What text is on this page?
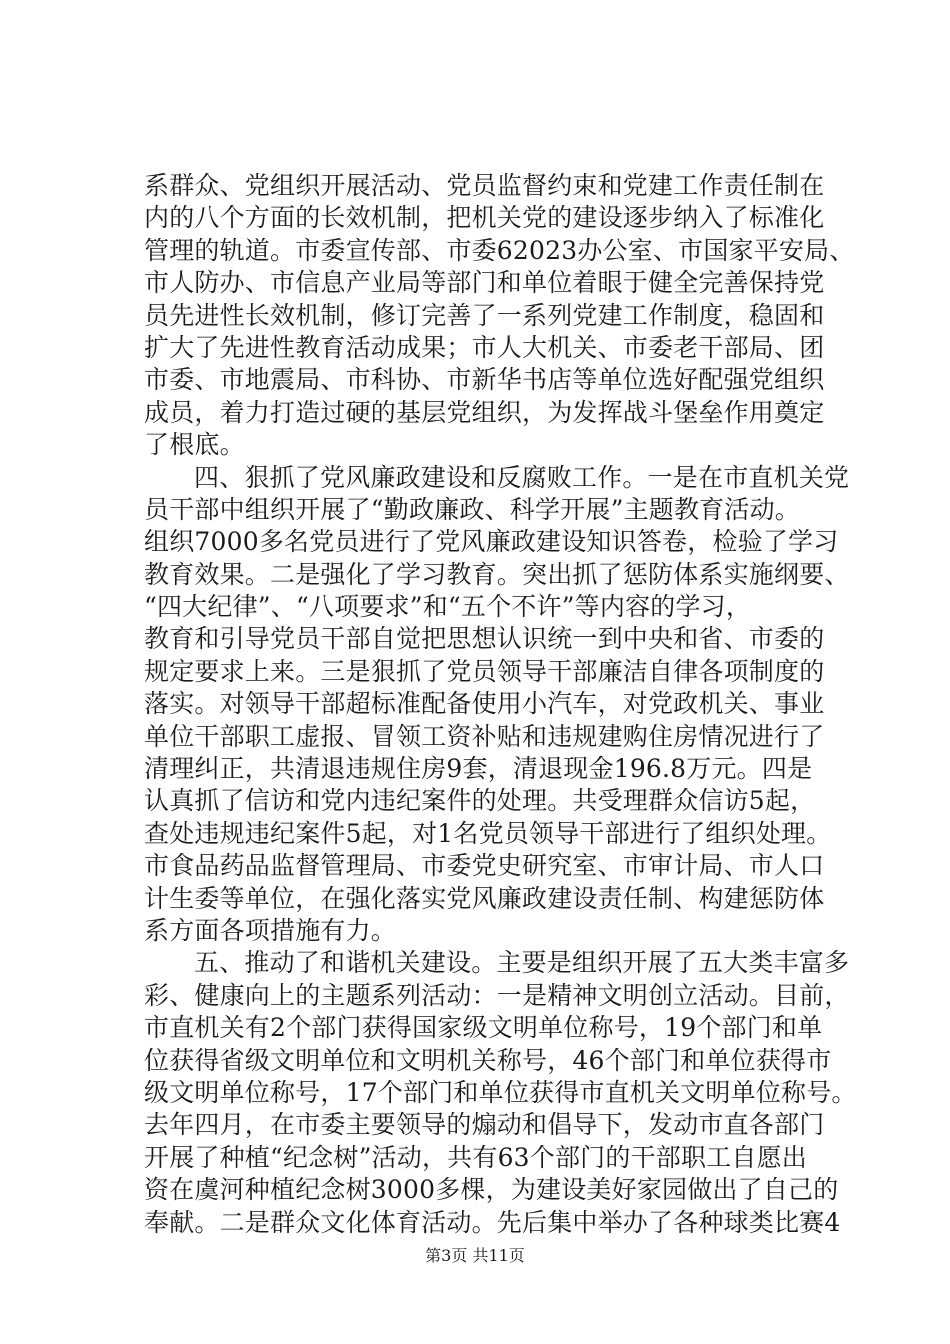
系群众、党组织开展活动、党员监督约束和党建工作责任制在
内的八个方面的长效机制，把机关党的建设逐步纳入了标准化
管理的轨道。市委宣传部、市委62023办公室、市国家平安局、
市人防办、市信息产业局等部门和单位着眼于健全完善保持党
员先进性长效机制，修订完善了一系列党建工作制度，稳固和
扩大了先进性教育活动成果；市人大机关、市委老干部局、团
市委、市地震局、市科协、市新华书店等单位选好配强党组织
成员，着力打造过硬的基层党组织，为发挥战斗堡垒作用奠定
了根底。
四、狠抓了党风廉政建设和反腐败工作。一是在市直机关党
员干部中组织开展了“勤政廉政、科学开展”主题教育活动。
组织7000多名党员进行了党风廉政建设知识答卷，检验了学习
教育效果。二是强化了学习教育。突出抓了惩防体系实施纲要、
“四大纪律”、“八项要求”和“五个不许”等内容的学习，
教育和引导党员干部自觉把思想认识统一到中央和省、市委的
规定要求上来。三是狠抓了党员领导干部廉洁自律各项制度的
落实。对领导干部超标准配备使用小汽车，对党政机关、事业
单位干部职工虚报、冒领工资补贴和违规建购住房情况进行了
清理纠正，共清退违规住房9套，清退现金196.8万元。四是
认真抓了信访和党内违纪案件的处理。共受理群众信访5起，
查处违规违纪案件5起，对1名党员领导干部进行了组织处理。
市食品药品监督管理局、市委党史研究室、市审计局、市人口
计生委等单位，在强化落实党风廉政建设责任制、构建惩防体
系方面各项措施有力。
五、推动了和谐机关建设。主要是组织开展了五大类丰富多
彩、健康向上的主题系列活动：一是精神文明创立活动。目前，
市直机关有2个部门获得国家级文明单位称号，19个部门和单
位获得省级文明单位和文明机关称号，46个部门和单位获得市
级文明单位称号，17个部门和单位获得市直机关文明单位称号。
去年四月，在市委主要领导的煽动和倡导下，发动市直各部门
开展了种植“纪念树”活动，共有63个部门的干部职工自愿出
资在虞河种植纪念树3000多棵，为建设美好家园做出了自己的
奉献。二是群众文化体育活动。先后集中举办了各种球类比赛4
第3页 共11页
